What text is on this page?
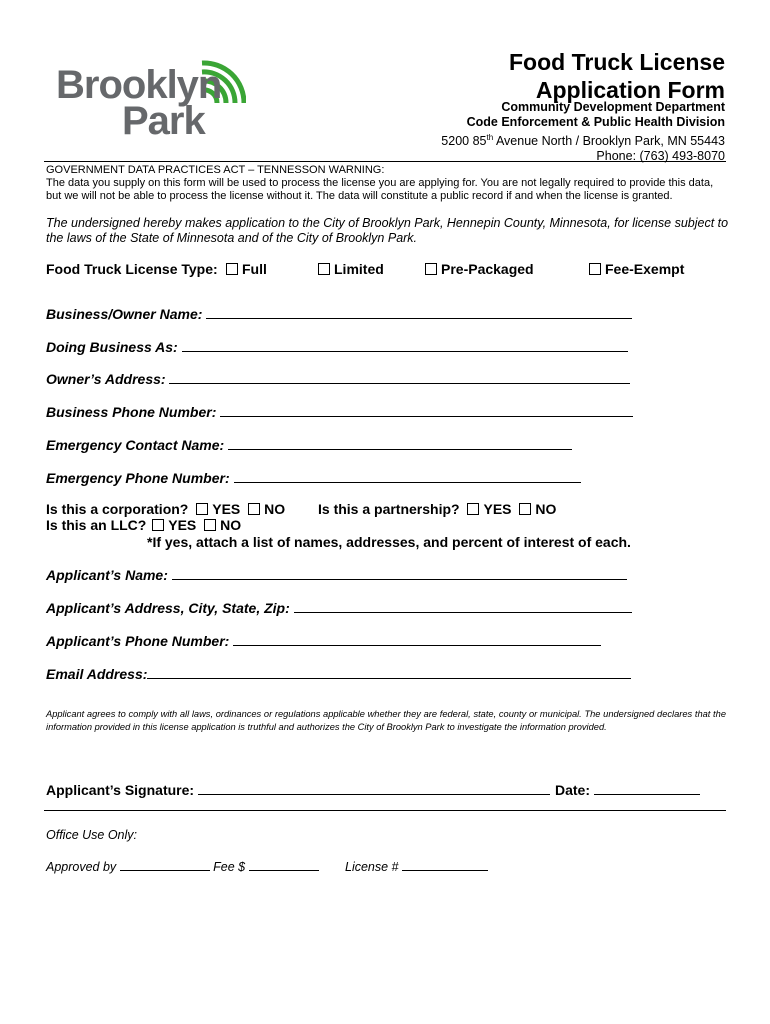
Brooklyn
Park
Food Truck License
Application Form
Community Development Department
Code Enforcement & Public Health Division
5200 85th Avenue North / Brooklyn Park, MN 55443
Phone: (763) 493-8070
GOVERNMENT DATA PRACTICES ACT – TENNESSON WARNING:
The data you supply on this form will be used to process the license you are applying for. You are not legally required to provide this data, but we will not be able to process the license without it. The data will constitute a public record if and when the license is granted.
The undersigned hereby makes application to the City of Brooklyn Park, Hennepin County, Minnesota, for license subject to the laws of the State of Minnesota and of the City of Brooklyn Park.
Food Truck License Type:	Full	Limited	Pre-Packaged	Fee-Exempt
Business/Owner Name:
Doing Business As:
Owner’s Address:
Business Phone Number:
Emergency Contact Name:
Emergency Phone Number:
Is this a corporation? YES NO Is this a partnership? YES NO
Is this an LLC? YES NO
*If yes, attach a list of names, addresses, and percent of interest of each.
Applicant’s Name:
Applicant’s Address, City, State, Zip:
Applicant’s Phone Number:
Email Address:
Applicant agrees to comply with all laws, ordinances or regulations applicable whether they are federal, state, county or municipal. The undersigned declares that the information provided in this license application is truthful and authorizes the City of Brooklyn Park to investigate the information provided.
Applicant’s Signature:	Date:
Office Use Only:
Approved by	Fee $	License #
